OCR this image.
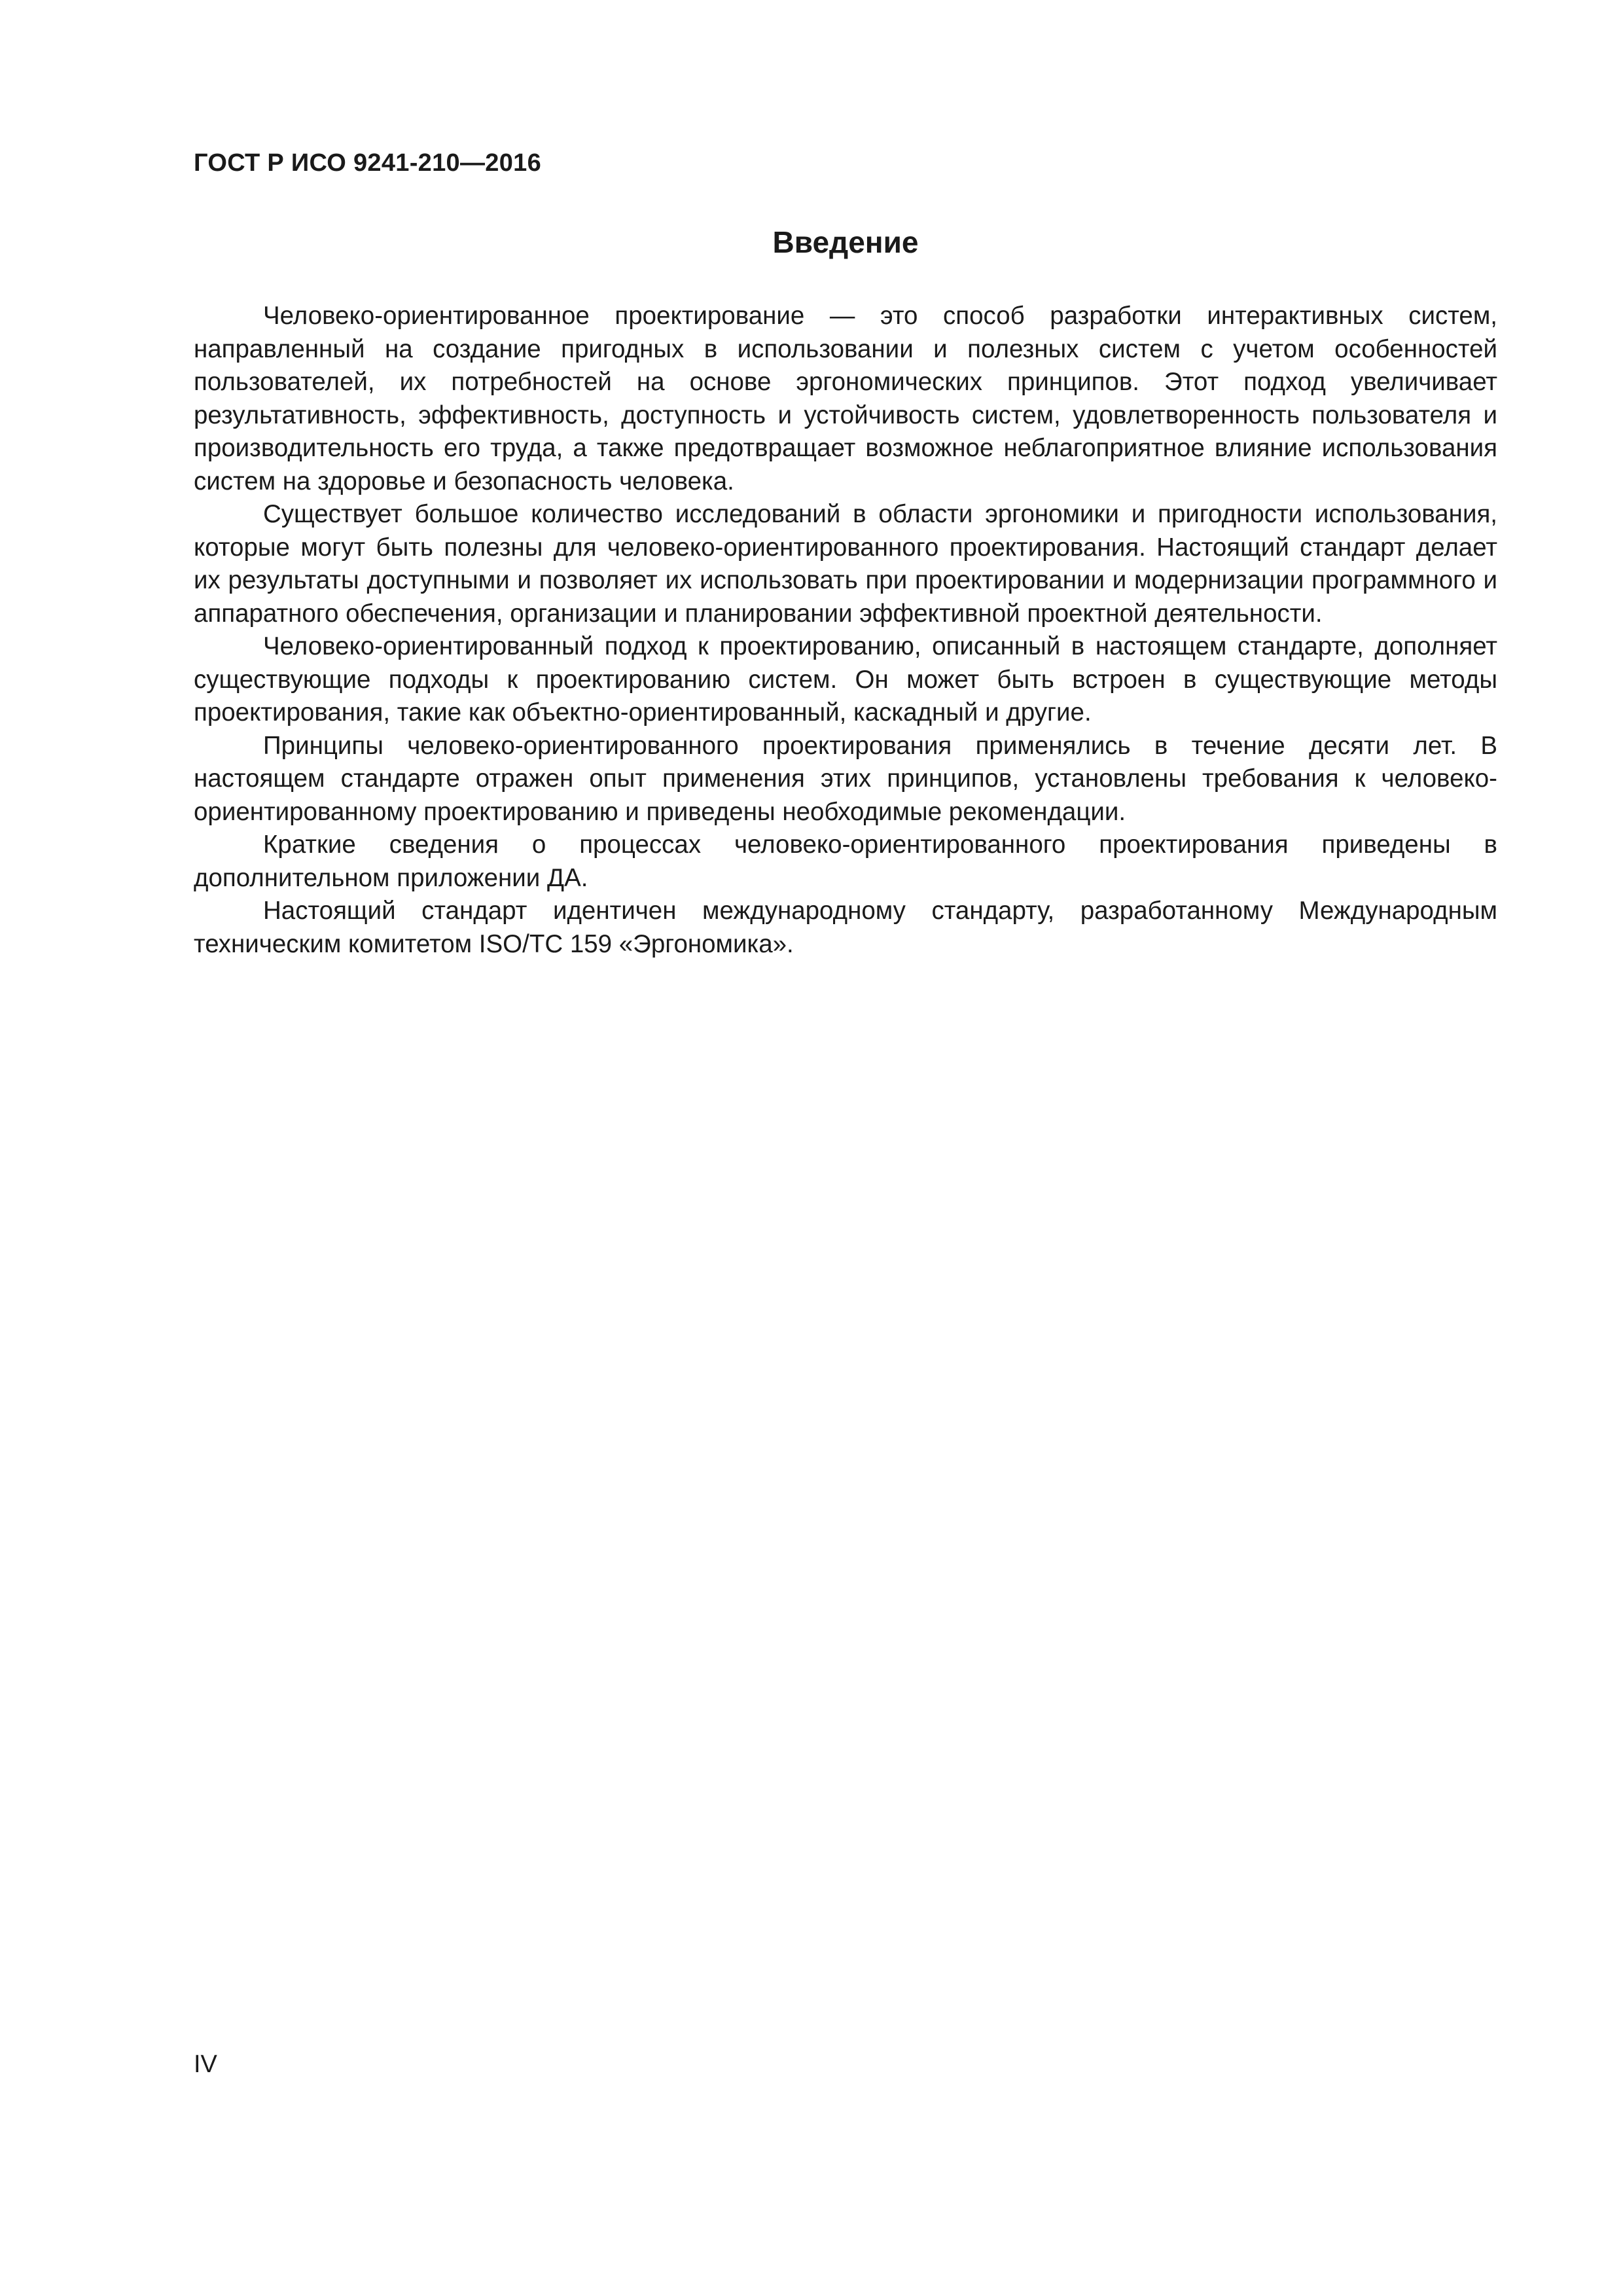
ГОСТ Р ИСО 9241-210—2016
Введение

Человеко-ориентированное проектирование — это способ разработки интерактивных систем, направленный на создание пригодных в использовании и полезных систем с учетом особенностей пользователей, их потребностей на основе эргономических принципов. Этот подход увеличивает результативность, эффективность, доступность и устойчивость систем, удовлетворенность пользователя и производительность его труда, а также предотвращает возможное неблагоприятное влияние использования систем на здоровье и безопасность человека.

Существует большое количество исследований в области эргономики и пригодности использования, которые могут быть полезны для человеко-ориентированного проектирования. Настоящий стандарт делает их результаты доступными и позволяет их использовать при проектировании и модернизации программного и аппаратного обеспечения, организации и планировании эффективной проектной деятельности.

Человеко-ориентированный подход к проектированию, описанный в настоящем стандарте, дополняет существующие подходы к проектированию систем. Он может быть встроен в существующие методы проектирования, такие как объектно-ориентированный, каскадный и другие.

Принципы человеко-ориентированного проектирования применялись в течение десяти лет. В настоящем стандарте отражен опыт применения этих принципов, установлены требования к человеко-ориентированному проектированию и приведены необходимые рекомендации.

Краткие сведения о процессах человеко-ориентированного проектирования приведены в дополнительном приложении ДА.

Настоящий стандарт идентичен международному стандарту, разработанному Международным техническим комитетом ISO/TC 159 «Эргономика».

IV
